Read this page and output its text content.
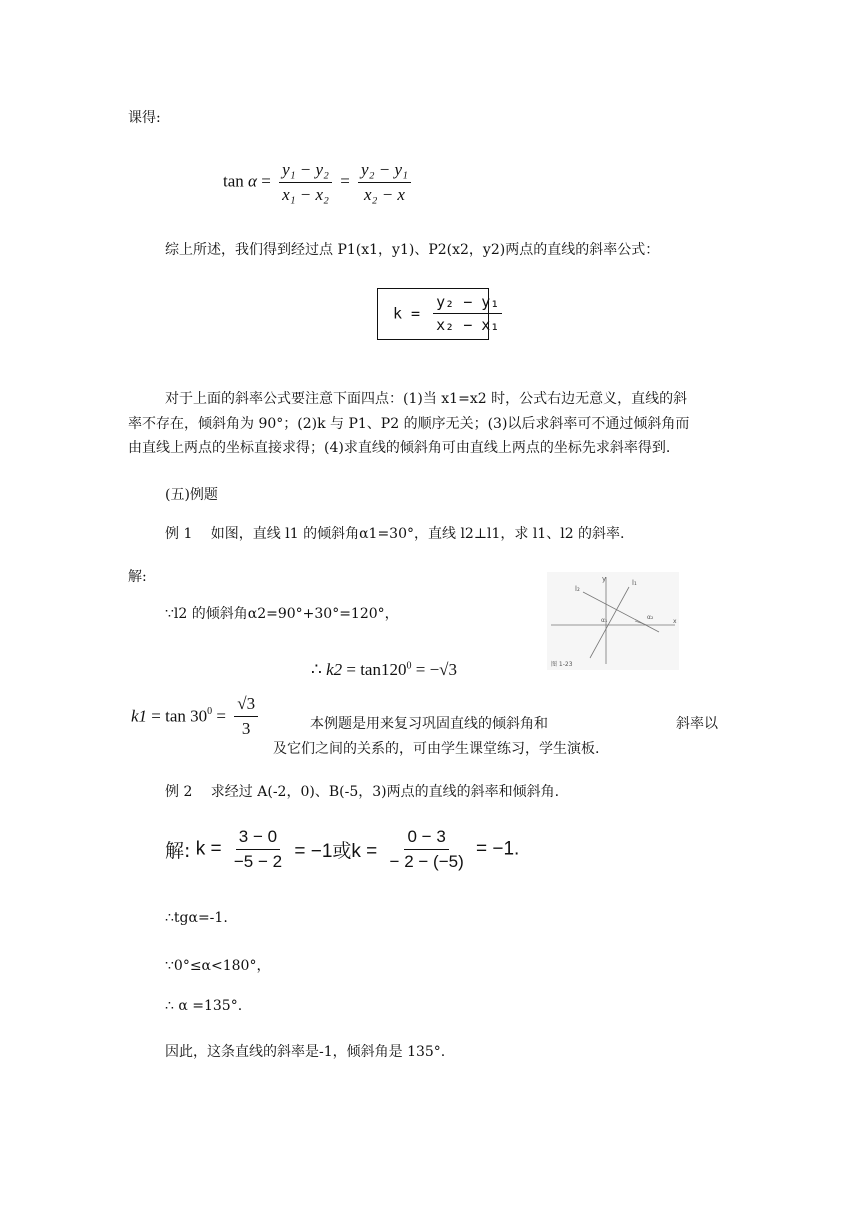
课得:
$\tan \alpha = \frac{\text{y₁ − y₂}}{\text{x₁ − x₂}} = \frac{\text{y₂ − y₁}}{\text{x₂ − x}}$
综上所述，我们得到经过点 P1(x1，y1)、P2(x2，y2)两点的直线的斜率公式：
$k = \frac{\text{y₂ − y₁}}{\text{x₂ − x₁}}$
对于上面的斜率公式要注意下面四点：(1)当 x1=x2 时，公式右边无意义，直线的斜
率不存在，倾斜角为 90°；(2)k 与 P1、P2 的顺序无关；(3)以后求斜率可不通过倾斜角而
由直线上两点的坐标直接求得；(4)求直线的倾斜角可由直线上两点的坐标先求斜率得到.
(五)例题
例 1　 如图，直线 l1 的倾斜角α1=30°，直线 l2⊥l1，求 l1、l2 的斜率.
解:	y
x
l₁
l₂
α₁	α₂
图 1-23
∵l2 的倾斜角α2=90°+30°=120°，
∴ $k2 = \tan 120^0 = -√3$
$k1 = \tan 30^0 = \frac{√3}{3}$	本例题是用来复习巩固直线的倾斜角和	斜率以
及它们之间的关系的，可由学生课堂练习，学生演板.
例 2　 求经过 A(-2，0)、B(-5，3)两点的直线的斜率和倾斜角.
解: $k = \frac{3 - 0}{-5 - 2} = -1$或$k = \frac{0 - 3}{- 2 - (-5)} = -1$.
∴tgα=-1.
∵0°≤α<180°，
∴ α =135°.
因此，这条直线的斜率是-1，倾斜角是 135°.
